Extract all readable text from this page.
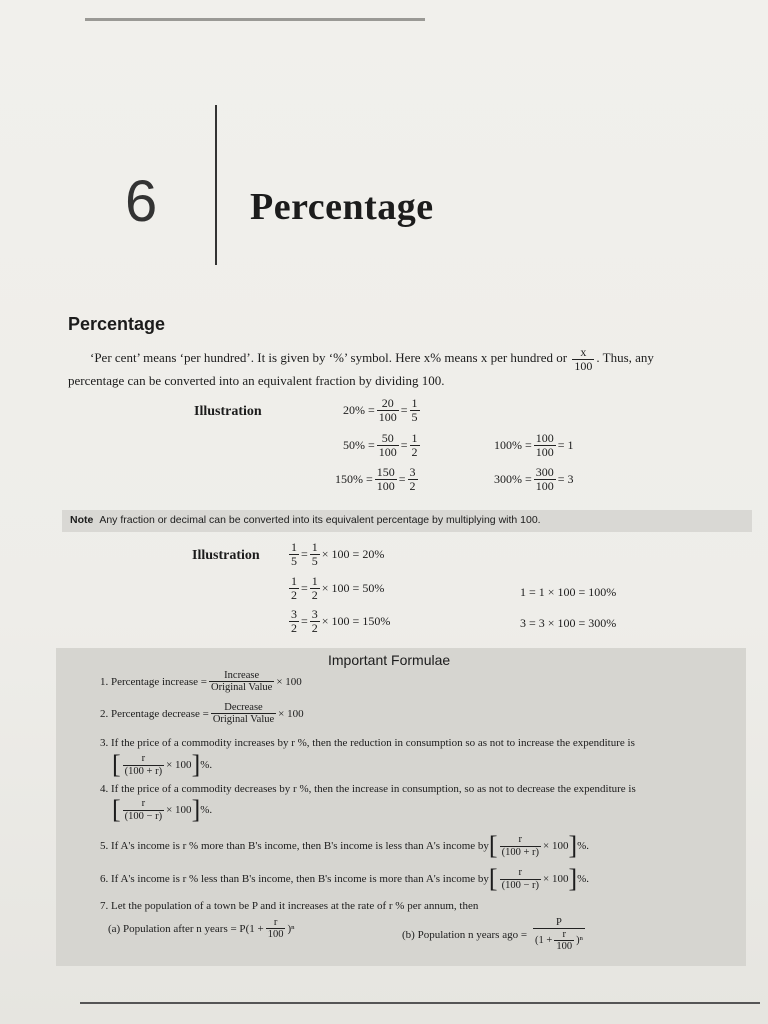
6 Percentage
Percentage
‘Per cent’ means ‘per hundred’. It is given by ‘%’ symbol. Here x% means x per hundred or $\frac{x}{100}$ . Thus, any
percentage can be converted into an equivalent fraction by dividing 100.
Illustration	$20\% = \frac{20}{100} = \frac{1}{5}$
$50\% = \frac{50}{100} = \frac{1}{2}$
$150\% = \frac{150}{100} = \frac{3}{2}$
$100\% = \frac{100}{100} = 1$
$300\% = \frac{300}{100} = 3$
Note Any fraction or decimal can be converted into its equivalent percentage by multiplying with 100.
Illustration $\frac{1}{5} = \frac{1}{5} \times 100 = 20\%$
$\frac{1}{2} = \frac{1}{2} \times 100 = 50\%$
$\frac{3}{2} = \frac{3}{2} \times 100 = 150\%$
1 = 1 × 100 = 100%
3 = 3 × 100 = 300%
Important Formulae
1. Percentage increase = $\frac{\text{Increase}}{\text{Original Value}} \times 100$
2. Percentage decrease = $\frac{\text{Decrease}}{\text{Original Value}} \times 100$
3. If the price of a commodity increases by r %, then the reduction in consumption so as not to increase the expenditure is
[ $\frac{r}{(100 + r)} \times 100$ ] %.
4. If the price of a commodity decreases by r %, then the increase in consumption, so as not to decrease the expenditure is
[ $\frac{r}{(100 - r)} \times 100$ ] %.
5. If A's income is r % more than B's income, then B's income is less than A's income by [ $\frac{r}{(100 + r)} \times 100$ ] %.
6. If A's income is r % less than B's income, then B's income is more than A's income by [ $\frac{r}{(100 - r)} \times 100$ ] %.
7. Let the population of a town be P and it increases at the rate of r % per annum, then
(a) Population after n years = P $(1 + \frac{r}{100} )^n$	(b) Population n years ago = $\frac{P}{(1 + \frac{r}{100} )^n}$
